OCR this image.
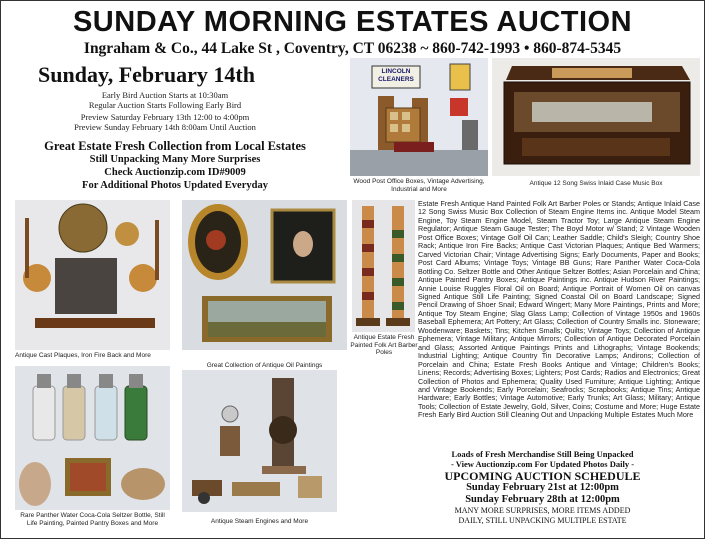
SUNDAY MORNING ESTATES AUCTION
Ingraham & Co., 44 Lake St , Coventry, CT 06238 ~ 860-742-1993 • 860-874-5345
Sunday, February 14th
Early Bird Auction Starts at 10:30am
Regular Auction Starts Following Early Bird
Preview Saturday February 13th 12:00 to 4:00pm
Preview Sunday February 14th 8:00am Until Auction
Great Estate Fresh Collection from Local Estates
Still Unpacking Many More Surprises
Check Auctionzip.com ID#9009
For Additional Photos Updated Everyday
LINCOLN CLEANERS
Wood Post Office Boxes, Vintage Advertising, Industrial and More
Antique 12 Song Swiss Inlaid Case Music Box
Antique Cast Plaques, Iron Fire Back and More
Great Collection of Antique Oil Paintings
Antique Estate Fresh Painted Folk Art Barber Poles
Rare Panther Water Coca-Cola Seltzer Bottle, Still Life Painting, Painted Pantry Boxes and More	Antique Steam Engines and More
Estate Fresh Antique Hand Painted Folk Art Barber Poles or Stands; Antique Inlaid Case 12 Song Swiss Music Box Collection of Steam Engine Items inc. Antique Model Steam Engine, Toy Steam Engine Model, Steam Tractor Toy; Large Antique Steam Engine Regulator; Antique Steam Gauge Tester; The Boyd Motor w/ Stand; 2 Vintage Wooden Post Office Boxes; Vintage Golf Oil Can; Leather Saddle; Child's Sleigh; Country Shoe Rack; Antique Iron Fire Backs; Antique Cast Victorian Plaques; Antique Bed Warmers; Carved Victorian Chair; Vintage Advertising Signs; Early Documents, Paper and Books; Post Card Albums; Vintage Toys; Vintage BB Guns; Rare Panther Water Coca-Cola Bottling Co. Seltzer Bottle and Other Antique Seltzer Bottles; Asian Porcelain and China; Antique Painted Pantry Boxes; Antique Paintings inc. Antique Hudson River Paintings; Annie Louise Ruggles Floral Oil on Board; Antique Portrait of Women Oil on canvas Signed Antique Still Life Painting; Signed Coastal Oil on Board Landscape; Signed Pencil Drawing of Shoer Snail; Edward Wingert; Many More Paintings, Prints and More; Antique Toy Steam Engine; Slag Glass Lamp; Collection of Vintage 1950s and 1960s Baseball Ephemera; Art Pottery; Art Glass; Collection of Country Smalls inc. Stoneware; Woodenware; Baskets; Tins; Kitchen Smalls; Quilts; Vintage Toys; Collection of Antique Ephemera; Vintage Military; Antique Mirrors; Collection of Antique Decorated Porcelain and Glass; Assorted Antique Paintings Prints and Lithographs; Vintage Bookends; Industrial Lighting; Antique Country Tin Decorative Lamps; Andirons; Collection of Porcelain and China; Estate Fresh Books Antique and Vintage; Children's Books; Linens; Records; Advertising Boxes; Lighters; Post Cards; Radios and Electronics; Great Collection of Photos and Ephemera; Quality Used Furniture; Antique Lighting; Antique and Vintage Bookends; Early Porcelain; Seafrocks; Scrapbooks; Antique Tins; Antique Hardware; Early Bottles; Vintage Automotive; Early Trunks; Art Glass; Military; Antique Tools; Collection of Estate Jewelry, Gold, Silver, Coins; Costume and More; Huge Estate Fresh Early Bird Auction Still Cleaning Out and Unpacking Multiple Estates Much More
Loads of Fresh Merchandise Still Being Unpacked
- View Auctionzip.com For Updated Photos Daily -
UPCOMING AUCTION SCHEDULE
Sunday February 21st at 12:00pm
Sunday February 28th at 12:00pm
MANY MORE SURPRISES, MORE ITEMS ADDED
DAILY, STILL UNPACKING MULTIPLE ESTATE
